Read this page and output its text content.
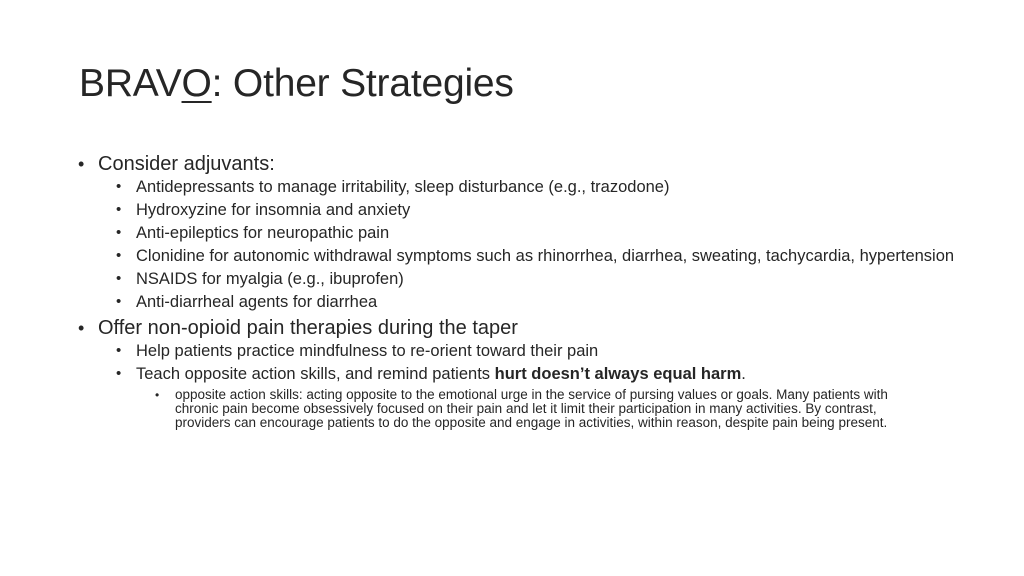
BRAVO: Other Strategies
• Consider adjuvants:
• Antidepressants to manage irritability, sleep disturbance (e.g., trazodone)
• Hydroxyzine for insomnia and anxiety
• Anti-epileptics for neuropathic pain
• Clonidine for autonomic withdrawal symptoms such as rhinorrhea, diarrhea, sweating, tachycardia, hypertension
• NSAIDS for myalgia (e.g., ibuprofen)
• Anti-diarrheal agents for diarrhea
• Offer non-opioid pain therapies during the taper
• Help patients practice mindfulness to re-orient toward their pain
• Teach opposite action skills, and remind patients hurt doesn’t always equal harm.
• opposite action skills: acting opposite to the emotional urge in the service of pursing values or goals. Many patients with chronic pain become obsessively focused on their pain and let it limit their participation in many activities. By contrast, providers can encourage patients to do the opposite and engage in activities, within reason, despite pain being present.
